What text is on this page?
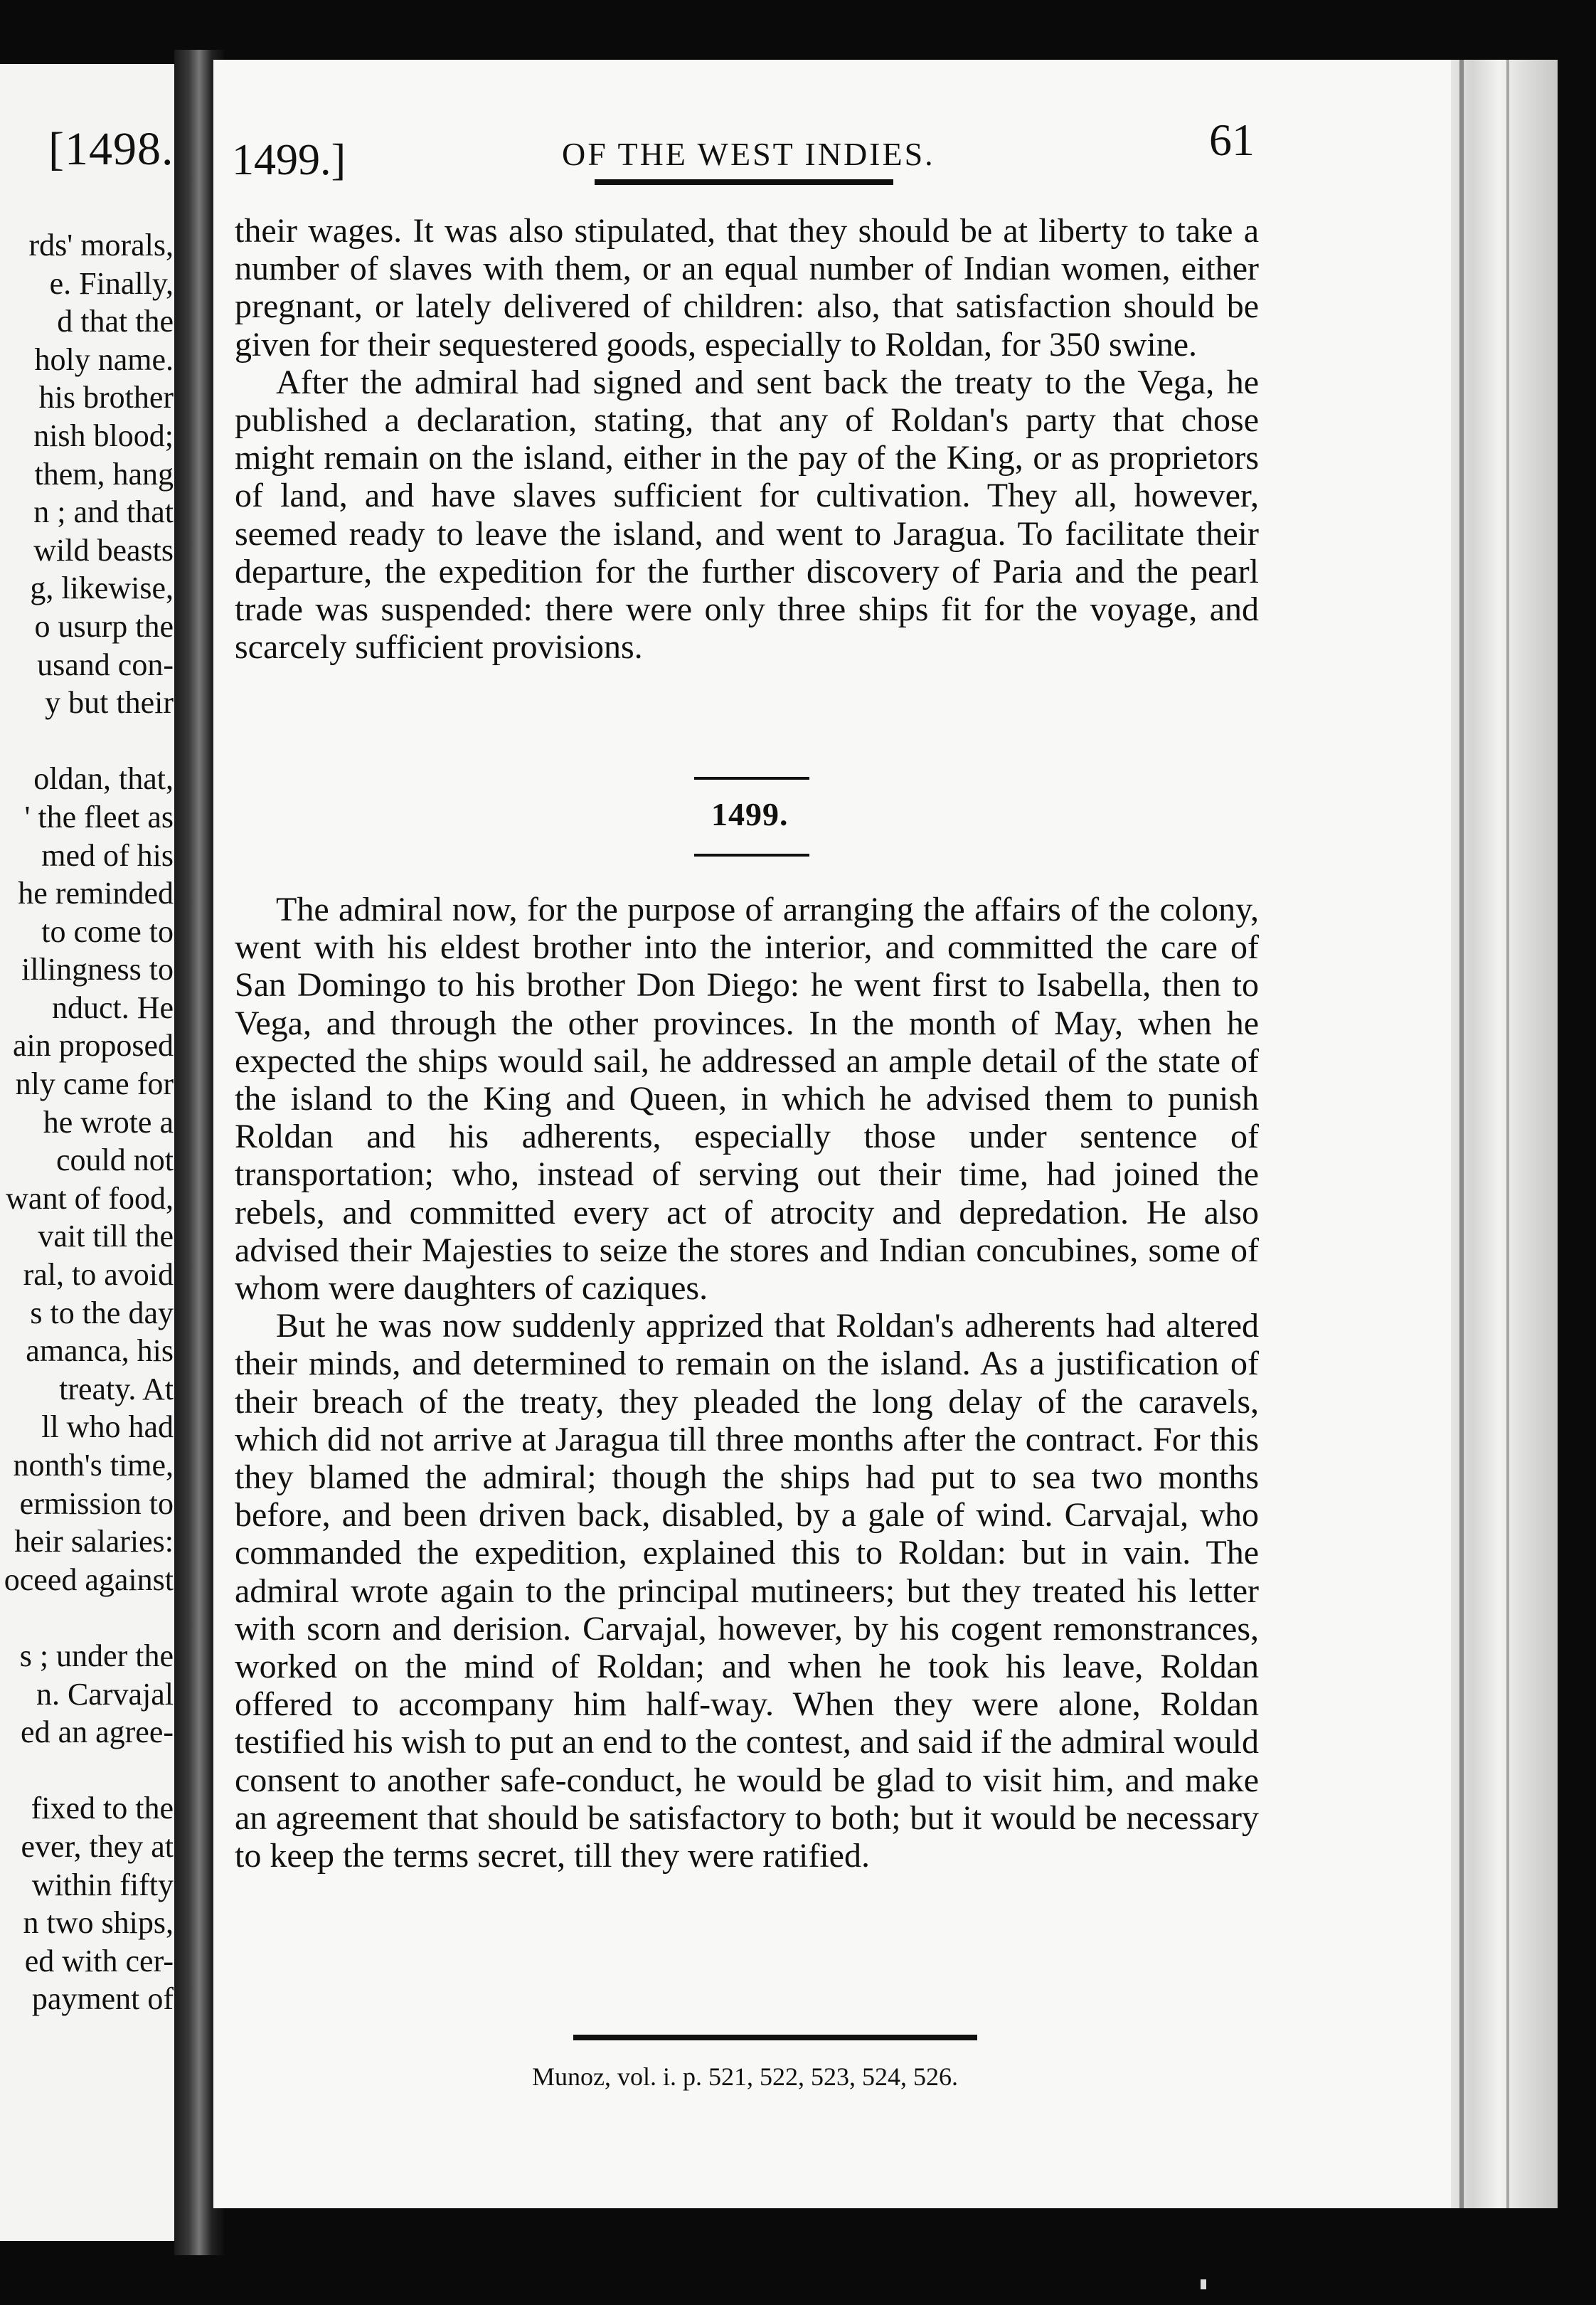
[1498.
rds' morals,
e. Finally,
d that the
holy name.
his brother
nish blood;
them, hang
n ; and that
wild beasts
g, likewise,
o usurp the
usand con-
y but their
oldan, that,
' the fleet as
med of his
he reminded
to come to
illingness to
nduct. He
ain proposed
nly came for
he wrote a
could not
want of food,
vait till the
ral, to avoid
s to the day
amanca, his
treaty. At
ll who had
nonth's time,
ermission to
heir salaries:
oceed against
s ; under the
n. Carvajal
ed an agree-
fixed to the
ever, they at
within fifty
n two ships,
ed with cer-
payment of
1499.]	OF THE WEST INDIES.	61

their wages. It was also stipulated, that they should be at liberty to take a number of slaves with them, or an equal number of Indian women, either pregnant, or lately delivered of children: also, that satisfaction should be given for their sequestered goods, especially to Roldan, for 350 swine.

After the admiral had signed and sent back the treaty to the Vega, he published a declaration, stating, that any of Roldan's party that chose might remain on the island, either in the pay of the King, or as proprietors of land, and have slaves sufficient for cultivation. They all, however, seemed ready to leave the island, and went to Jaragua. To facilitate their departure, the expedition for the further discovery of Paria and the pearl trade was suspended: there were only three ships fit for the voyage, and scarcely sufficient provisions.

1499.

The admiral now, for the purpose of arranging the affairs of the colony, went with his eldest brother into the interior, and committed the care of San Domingo to his brother Don Diego: he went first to Isabella, then to Vega, and through the other provinces. In the month of May, when he expected the ships would sail, he addressed an ample detail of the state of the island to the King and Queen, in which he advised them to punish Roldan and his adherents, especially those under sentence of transportation; who, instead of serving out their time, had joined the rebels, and committed every act of atrocity and depredation. He also advised their Majesties to seize the stores and Indian concubines, some of whom were daughters of caziques.

But he was now suddenly apprized that Roldan's adherents had altered their minds, and determined to remain on the island. As a justification of their breach of the treaty, they pleaded the long delay of the caravels, which did not arrive at Jaragua till three months after the contract. For this they blamed the admiral; though the ships had put to sea two months before, and been driven back, disabled, by a gale of wind. Carvajal, who commanded the expedition, explained this to Roldan: but in vain. The admiral wrote again to the principal mutineers; but they treated his letter with scorn and derision. Carvajal, however, by his cogent remonstrances, worked on the mind of Roldan; and when he took his leave, Roldan offered to accompany him half-way. When they were alone, Roldan testified his wish to put an end to the contest, and said if the admiral would consent to another safe-conduct, he would be glad to visit him, and make an agreement that should be satisfactory to both; but it would be necessary to keep the terms secret, till they were ratified.

Munoz, vol. i. p. 521, 522, 523, 524, 526.
